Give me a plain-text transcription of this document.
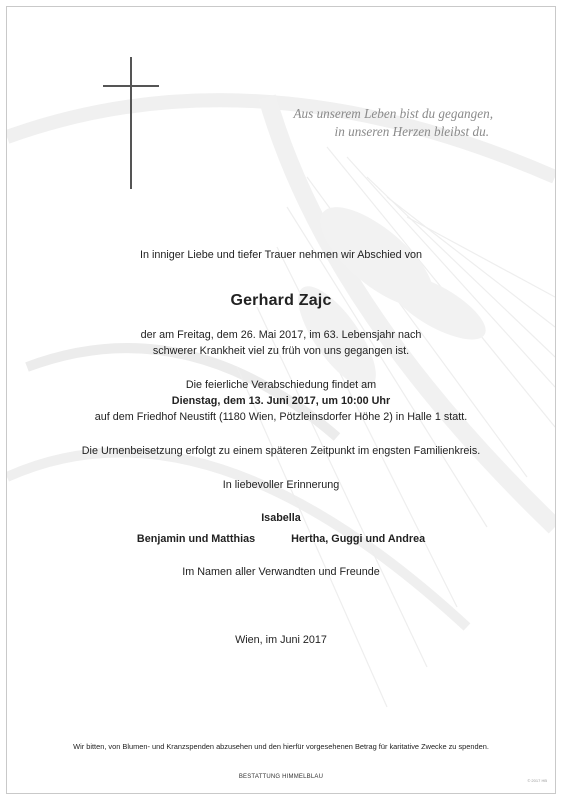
Aus unserem Leben bist du gegangen,
in unseren Herzen bleibst du.

In inniger Liebe und tiefer Trauer nehmen wir Abschied von

Gerhard Zajc

der am Freitag, dem 26. Mai 2017, im 63. Lebensjahr nach

schwerer Krankheit viel zu früh von uns gegangen ist.

Die feierliche Verabschiedung findet am

Dienstag, dem 13. Juni 2017, um 10:00 Uhr

auf dem Friedhof Neustift (1180 Wien, Pötzleinsdorfer Höhe 2) in Halle 1 statt.

Die Urnenbeisetzung erfolgt zu einem späteren Zeitpunkt im engsten Familienkreis.

In liebevoller Erinnerung

Isabella

Benjamin und Matthias	Hertha, Guggi und Andrea

Im Namen aller Verwandten und Freunde

Wien, im Juni 2017

Wir bitten, von Blumen- und Kranzspenden abzusehen und den hierfür vorgesehenen Betrag für karitative Zwecke zu spenden.
BESTATTUNG HIMMELBLAU
© 2017 HB
